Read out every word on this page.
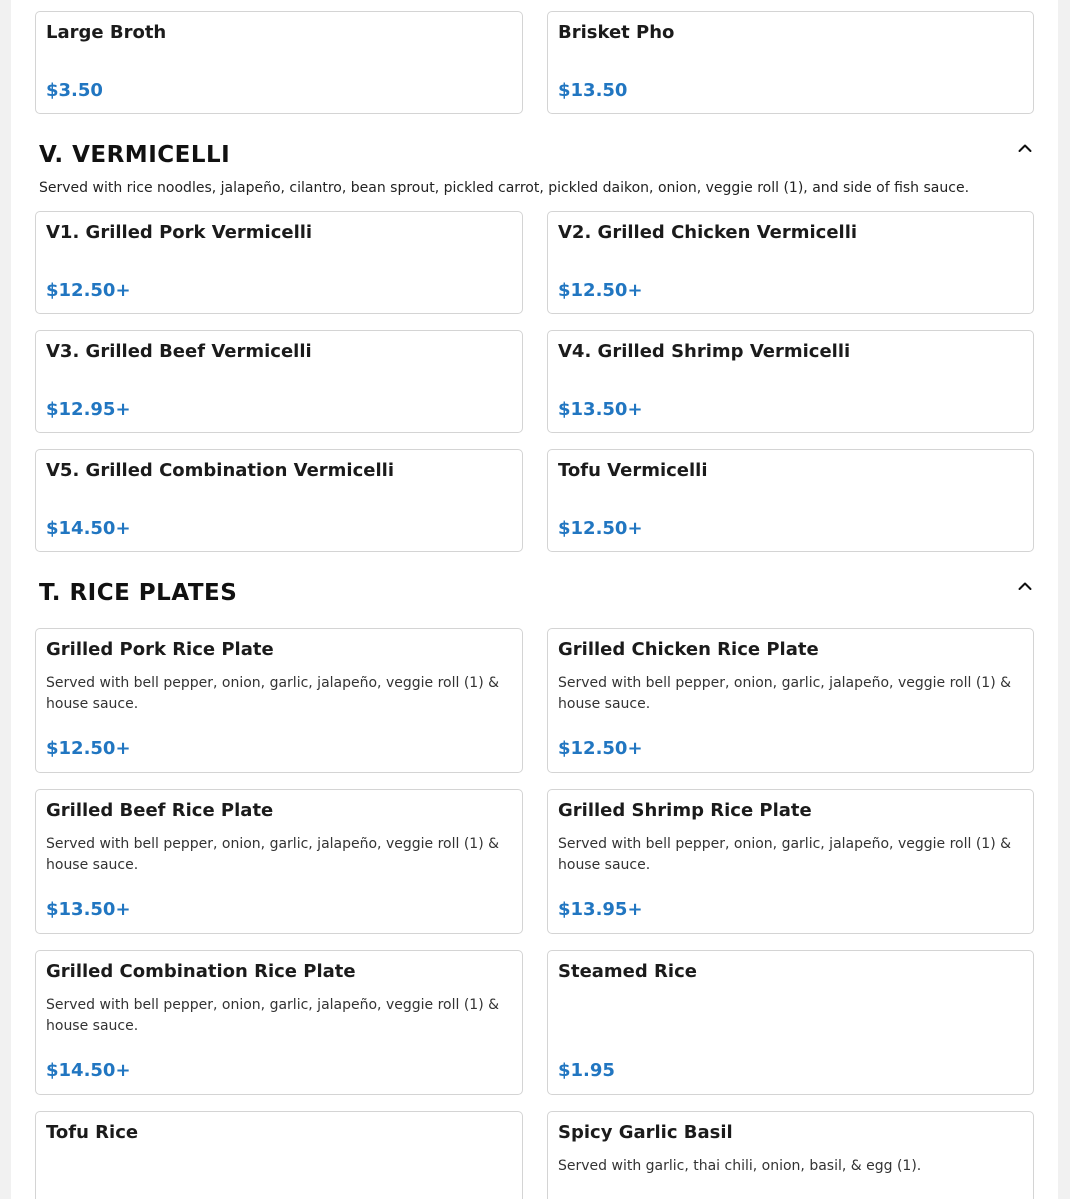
Large Broth
$3.50
Brisket Pho
$13.50
V. VERMICELLI
Served with rice noodles, jalapeño, cilantro, bean sprout, pickled carrot, pickled daikon, onion, veggie roll (1), and side of fish sauce.
V1. Grilled Pork Vermicelli
$12.50+
V2. Grilled Chicken Vermicelli
$12.50+
V3. Grilled Beef Vermicelli
$12.95+
V4. Grilled Shrimp Vermicelli
$13.50+
V5. Grilled Combination Vermicelli
$14.50+
Tofu Vermicelli
$12.50+
T. RICE PLATES
Grilled Pork Rice Plate
Served with bell pepper, onion, garlic, jalapeño, veggie roll (1) & house sauce.
$12.50+
Grilled Chicken Rice Plate
Served with bell pepper, onion, garlic, jalapeño, veggie roll (1) & house sauce.
$12.50+
Grilled Beef Rice Plate
Served with bell pepper, onion, garlic, jalapeño, veggie roll (1) & house sauce.
$13.50+
Grilled Shrimp Rice Plate
Served with bell pepper, onion, garlic, jalapeño, veggie roll (1) & house sauce.
$13.95+
Grilled Combination Rice Plate
Served with bell pepper, onion, garlic, jalapeño, veggie roll (1) & house sauce.
$14.50+
Steamed Rice
$1.95
Tofu Rice	Spicy Garlic Basil
Served with garlic, thai chili, onion, basil, & egg (1).
